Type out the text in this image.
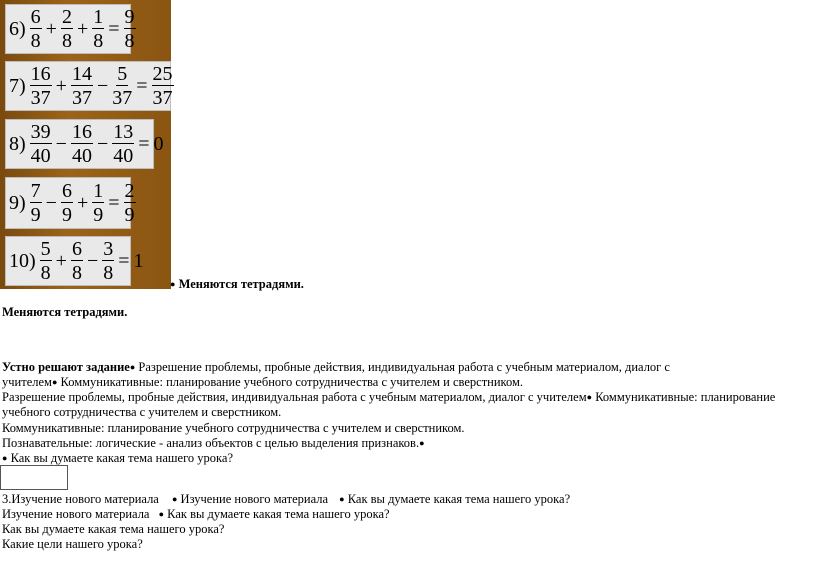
$6) \frac{6}{8} + \frac{2}{8} + \frac{1}{8} = \frac{9}{8}$
$7) \frac{16}{37} + \frac{14}{37} - \frac{5}{37} = \frac{25}{37}$
$8) \frac{39}{40} - \frac{16}{40} - \frac{13}{40} = 0$
$9) \frac{7}{9} - \frac{6}{9} + \frac{1}{9} = \frac{2}{9}$
$10) \frac{5}{8} + \frac{6}{8} - \frac{3}{8} = 1$
● Меняются тетрадями.
Меняются тетрадями.
Устно решают задание● Разрешение проблемы, пробные действия, индивидуальная работа с учебным материалом, диалог с
учителем● Коммуникативные: планирование учебного сотрудничества с учителем и сверстником.
Разрешение проблемы, пробные действия, индивидуальная работа с учебным материалом, диалог с учителем● Коммуникативные: планирование
учебного сотрудничества с учителем и сверстником.
Коммуникативные: планирование учебного сотрудничества с учителем и сверстником.
Познавательные: логические - анализ объектов с целью выделения признаков.●
● Как вы думаете какая тема нашего урока?
3.Изучение нового материала ● Изучение нового материала ● Как вы думаете какая тема нашего урока?
Изучение нового материала ● Как вы думаете какая тема нашего урока?
Как вы думаете какая тема нашего урока?
Какие цели нашего урока?
